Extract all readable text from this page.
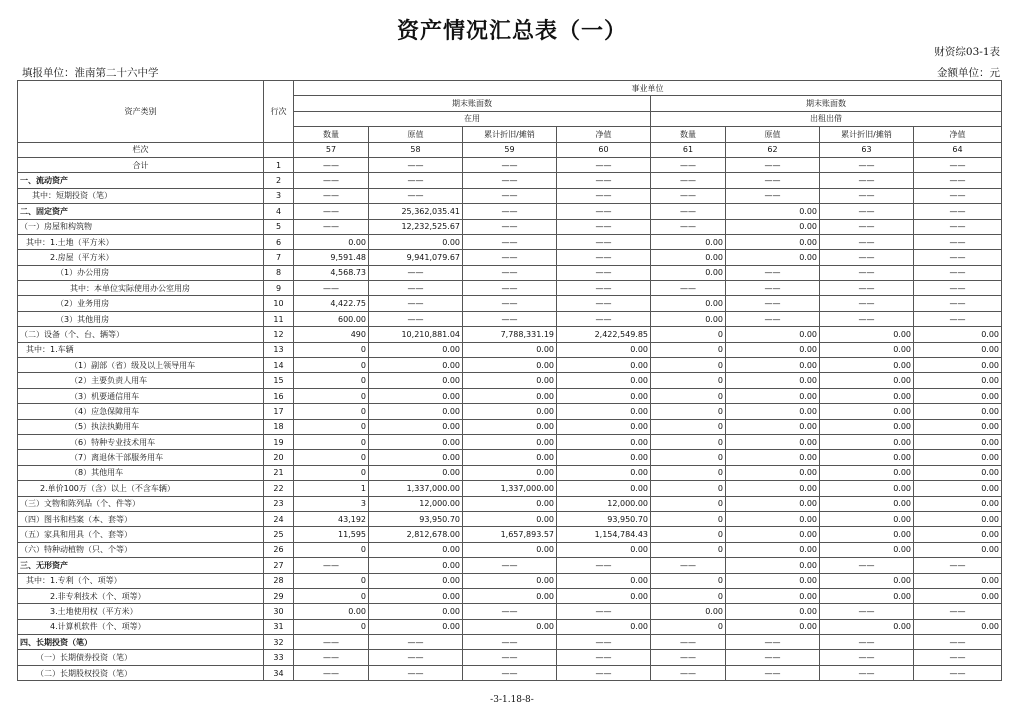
资产情况汇总表（一）
财资综03-1表
填报单位：淮南第二十六中学	金额单位：元
资产类别	行次	事业单位							
		期末账面数				期末账面数			
		在用				出租出借			
		数量	原值	累计折旧/摊销	净值	数量	原值	累计折旧/摊销	净值
栏次		57	58	59	60	61	62	63	64
合计	1	——	——	——	——	——	——	——	——
一、流动资产	2	——	——	——	——	——	——	——	——
其中：短期投资（笔）	3	——	——	——	——	——	——	——	——
二、固定资产	4	——	25,362,035.41	——	——	——	0.00	——	——
（一）房屋和构筑物	5	——	12,232,525.67	——	——	——	0.00	——	——
其中：1.土地（平方米）	6	0.00	0.00	——	——	0.00	0.00	——	——
2.房屋（平方米）	7	9,591.48	9,941,079.67	——	——	0.00	0.00	——	——
（1）办公用房	8	4,568.73	——	——	——	0.00	——	——	——
其中：本单位实际使用办公室用房	9	——	——	——	——	——	——	——	——
（2）业务用房	10	4,422.75	——	——	——	0.00	——	——	——
（3）其他用房	11	600.00	——	——	——	0.00	——	——	——
（二）设备（个、台、辆等）	12	490	10,210,881.04	7,788,331.19	2,422,549.85	0	0.00	0.00	0.00
其中：1.车辆	13	0	0.00	0.00	0.00	0	0.00	0.00	0.00
（1）副部（省）级及以上领导用车	14	0	0.00	0.00	0.00	0	0.00	0.00	0.00
（2）主要负责人用车	15	0	0.00	0.00	0.00	0	0.00	0.00	0.00
（3）机要通信用车	16	0	0.00	0.00	0.00	0	0.00	0.00	0.00
（4）应急保障用车	17	0	0.00	0.00	0.00	0	0.00	0.00	0.00
（5）执法执勤用车	18	0	0.00	0.00	0.00	0	0.00	0.00	0.00
（6）特种专业技术用车	19	0	0.00	0.00	0.00	0	0.00	0.00	0.00
（7）离退休干部服务用车	20	0	0.00	0.00	0.00	0	0.00	0.00	0.00
（8）其他用车	21	0	0.00	0.00	0.00	0	0.00	0.00	0.00
2.单价100万（含）以上（不含车辆）	22	1	1,337,000.00	1,337,000.00	0.00	0	0.00	0.00	0.00
（三）文物和陈列品（个、件等）	23	3	12,000.00	0.00	12,000.00	0	0.00	0.00	0.00
（四）图书和档案（本、套等）	24	43,192	93,950.70	0.00	93,950.70	0	0.00	0.00	0.00
（五）家具和用具（个、套等）	25	11,595	2,812,678.00	1,657,893.57	1,154,784.43	0	0.00	0.00	0.00
（六）特种动植物（只、个等）	26	0	0.00	0.00	0.00	0	0.00	0.00	0.00
三、无形资产	27	——	0.00	——	——	——	0.00	——	——
其中：1.专利（个、项等）	28	0	0.00	0.00	0.00	0	0.00	0.00	0.00
2.非专利技术（个、项等）	29	0	0.00	0.00	0.00	0	0.00	0.00	0.00
3.土地使用权（平方米）	30	0.00	0.00	——	——	0.00	0.00	——	——
4.计算机软件（个、项等）	31	0	0.00	0.00	0.00	0	0.00	0.00	0.00
四、长期投资（笔）	32	——	——	——	——	——	——	——	——
（一）长期债券投资（笔）	33	——	——	——	——	——	——	——	——
（二）长期股权投资（笔）	34	——	——	——	——	——	——	——	——
-3-1.18-8-
